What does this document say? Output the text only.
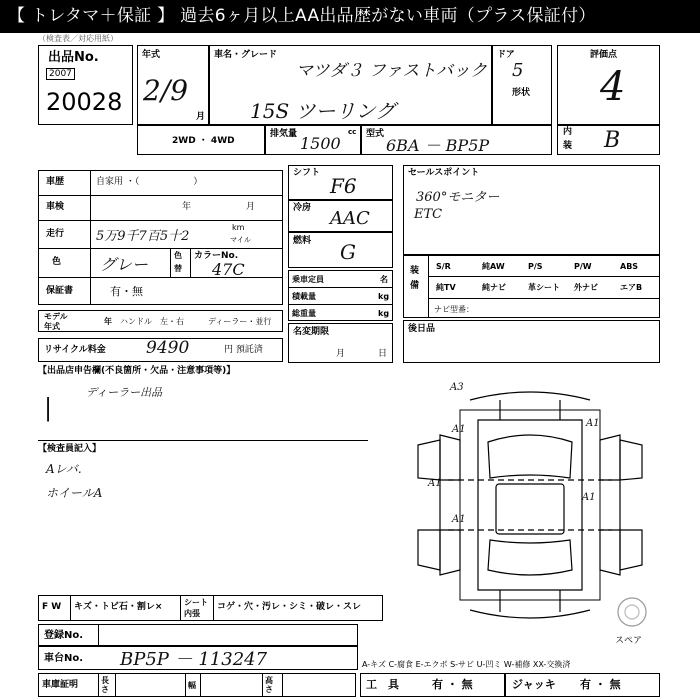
【 トレタマ＋保証 】 過去6ヶ月以上AA出品歴がない車両（プラス保証付）
（検査表／対応用紙）
出品No.
2007
20028
年式
2/9
月
車名・グレード
マツダ３ ファストバック
15S ツーリング
ドア
5
形状
評価点
4
2WD ・ 4WD
排気量 1500
cc 型式
6BA － BP5P
内
装 B
車歴	自家用 ・（　　　　　　）
車検	年	月
走行 5万9千7百5十2
km
マイル
色 グレー	色
替
カラーNo.
47C
保証書	有・無
モデル
年式
年 ハンドル　左・右	ディーラー・並行
リサイクル料金 9490	円 預託済
シフト
F6
冷房 AAC
燃料 G
乗車定員	名
積載量	kg
総重量	kg
名変期限
月	日
セールスポイント
360°モニター
ETC
装
備
S/R	純AW	P/S	P/W	ABS
純TV	純ナビ	革シート 外ナビ	エアB
ナビ型番：
後日品
【出品店申告欄(不良箇所・欠品・注意事項等)】
ディーラー出品
|
【検査員記入】
Aレバ.
ホイールA
A3
A1
A1
A1
A1
A1
スペア
F W キズ・トビ石・割レ×	シート
内張
コゲ・穴・汚レ・シミ・破レ・スレ
登録No.
車台No. BP5P － 113247	A-キズ C-腐食 E-エクボ S-サビ U-凹ミ W-補修 XX-交換済
車庫証明	長さ	幅
高さ	工　具	有 ・ 無	ジャッキ 有 ・ 無
